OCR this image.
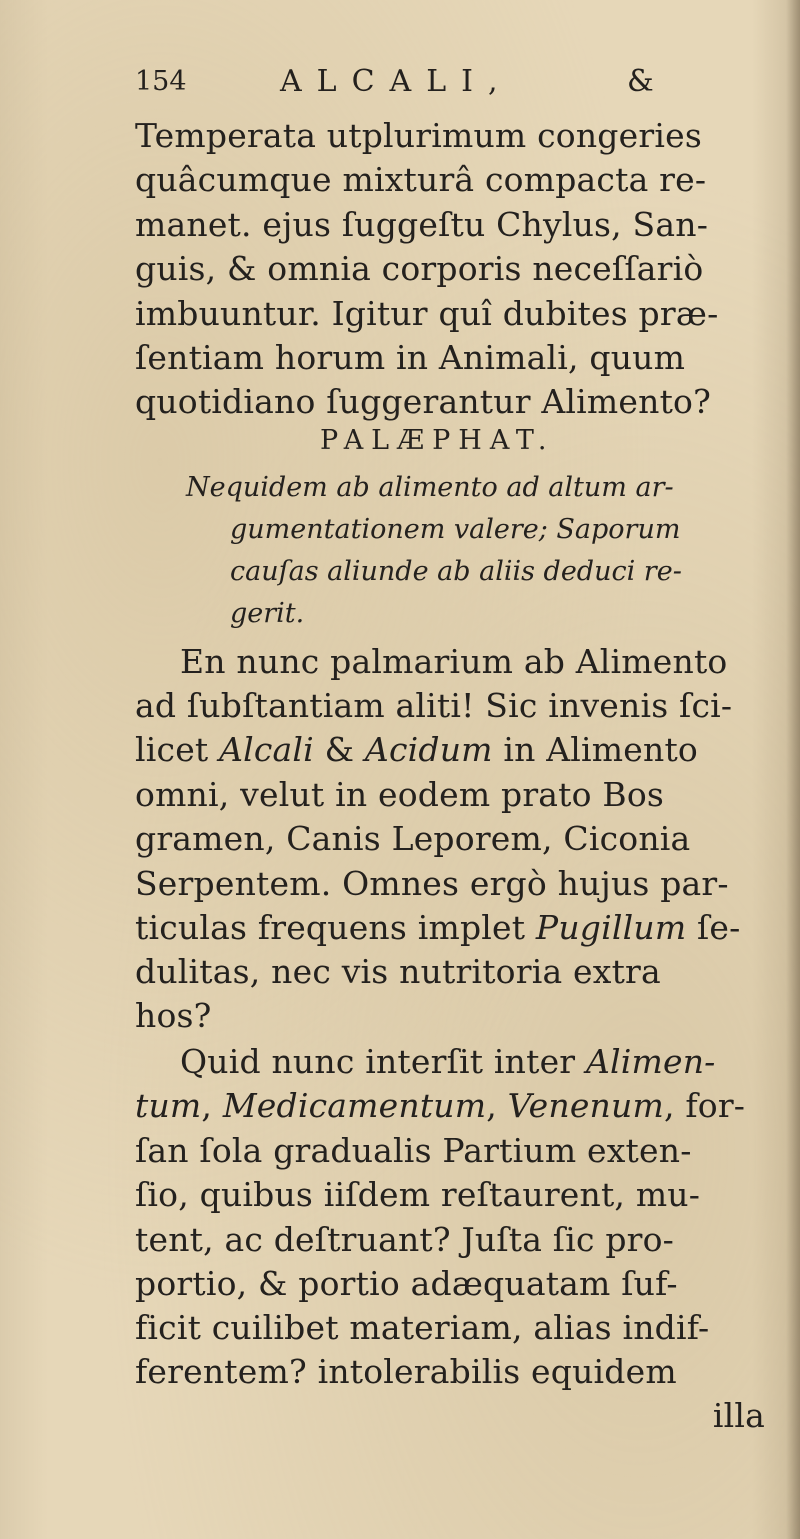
154	ALCALI,	&
Temperata utplurimum congeries
quâcumque mixturâ compacta re-
manet. ejus ſuggeſtu Chylus, San-
guis, & omnia corporis neceſſariò
imbuuntur. Igitur quî dubites præ-
ſentiam horum in Animali, quum
quotidiano ſuggerantur Alimento?
PALÆPHAT.
Nequidem ab alimento ad altum ar-
gumentationem valere; Saporum
cauſas aliunde ab aliis deduci re-
gerit.
En nunc palmarium ab Alimento
ad ſubſtantiam aliti! Sic invenis ſci-
licet Alcali & Acidum in Alimento
omni, velut in eodem prato Bos
gramen, Canis Leporem, Ciconia
Serpentem. Omnes ergò hujus par-
ticulas frequens implet Pugillum ſe-
dulitas, nec vis nutritoria extra
hos?
Quid nunc interſit inter Alimen-
tum, Medicamentum, Venenum, for-
ſan ſola gradualis Partium exten-
ſio, quibus iiſdem reſtaurent, mu-
tent, ac deſtruant? Juſta ſic pro-
portio, & portio adæquatam ſuf-
ficit cuilibet materiam, alias indif-
ferentem? intolerabilis equidem
illa
